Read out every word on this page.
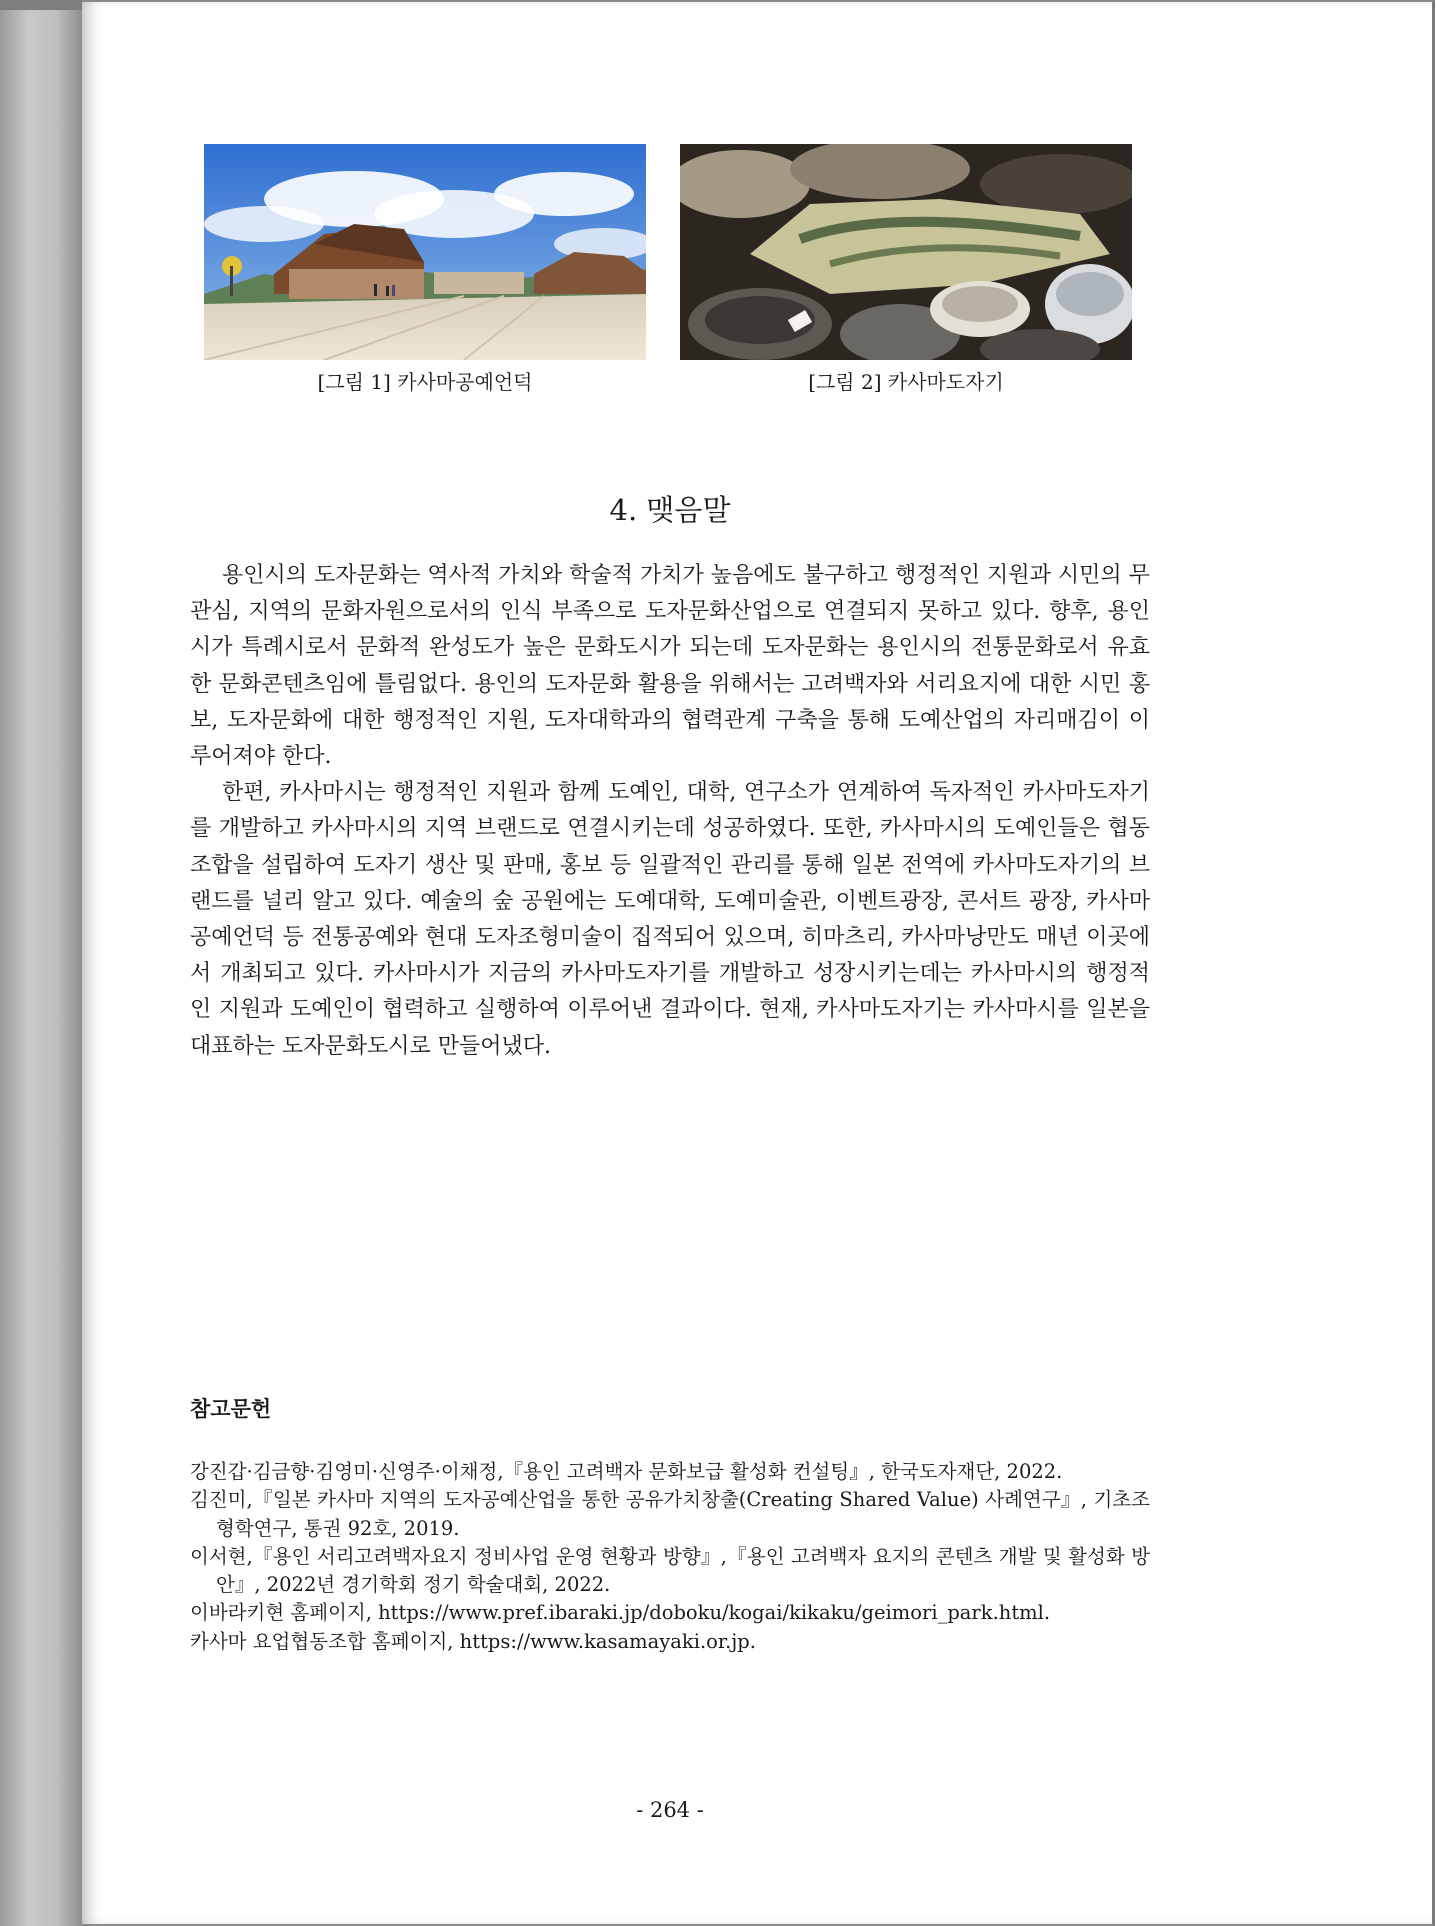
[그림 1] 카사마공예언덕	[그림 2] 카사마도자기
4. 맺음말

용인시의 도자문화는 역사적 가치와 학술적 가치가 높음에도 불구하고 행정적인 지원과 시민의 무관심, 지역의 문화자원으로서의 인식 부족으로 도자문화산업으로 연결되지 못하고 있다. 향후, 용인시가 특례시로서 문화적 완성도가 높은 문화도시가 되는데 도자문화는 용인시의 전통문화로서 유효한 문화콘텐츠임에 틀림없다. 용인의 도자문화 활용을 위해서는 고려백자와 서리요지에 대한 시민 홍보, 도자문화에 대한 행정적인 지원, 도자대학과의 협력관계 구축을 통해 도예산업의 자리매김이 이루어져야 한다.

한편, 카사마시는 행정적인 지원과 함께 도예인, 대학, 연구소가 연계하여 독자적인 카사마도자기를 개발하고 카사마시의 지역 브랜드로 연결시키는데 성공하였다. 또한, 카사마시의 도예인들은 협동조합을 설립하여 도자기 생산 및 판매, 홍보 등 일괄적인 관리를 통해 일본 전역에 카사마도자기의 브랜드를 널리 알고 있다. 예술의 숲 공원에는 도예대학, 도예미술관, 이벤트광장, 콘서트 광장, 카사마공예언덕 등 전통공예와 현대 도자조형미술이 집적되어 있으며, 히마츠리, 카사마낭만도 매년 이곳에서 개최되고 있다. 카사마시가 지금의 카사마도자기를 개발하고 성장시키는데는 카사마시의 행정적인 지원과 도예인이 협력하고 실행하여 이루어낸 결과이다. 현재, 카사마도자기는 카사마시를 일본을 대표하는 도자문화도시로 만들어냈다.

참고문헌
강진갑·김금향·김영미·신영주·이채정,『용인 고려백자 문화보급 활성화 컨설팅』, 한국도자재단, 2022.
김진미,『일본 카사마 지역의 도자공예산업을 통한 공유가치창출(Creating Shared Value) 사례연구』, 기초조형학연구, 통권 92호, 2019.
이서현,『용인 서리고려백자요지 정비사업 운영 현황과 방향』,『용인 고려백자 요지의 콘텐츠 개발 및 활성화 방안』, 2022년 경기학회 정기 학술대회, 2022.
이바라키현 홈페이지, https://www.pref.ibaraki.jp/doboku/kogai/kikaku/geimori_park.html.
카사마 요업협동조합 홈페이지, https://www.kasamayaki.or.jp.
- 264 -
